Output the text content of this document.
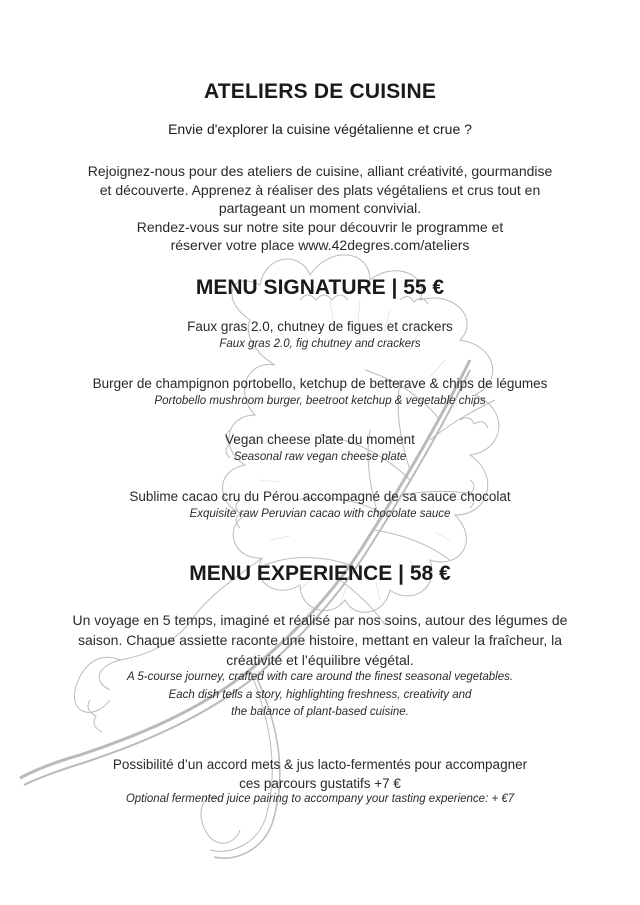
ATELIERS DE CUISINE
Envie d'explorer la cuisine végétalienne et crue ?
Rejoignez-nous pour des ateliers de cuisine, alliant créativité, gourmandise
et découverte. Apprenez à réaliser des plats végétaliens et crus tout en
partageant un moment convivial.
Rendez-vous sur notre site pour découvrir le programme et
réserver votre place www.42degres.com/ateliers
MENU SIGNATURE | 55 €
Faux gras 2.0, chutney de figues et crackers
Faux gras 2.0, fig chutney and crackers
Burger de champignon portobello, ketchup de betterave & chips de légumes
Portobello mushroom burger, beetroot ketchup & vegetable chips
Vegan cheese plate du moment
Seasonal raw vegan cheese plate
Sublime cacao cru du Pérou accompagné de sa sauce chocolat
Exquisite raw Peruvian cacao with chocolate sauce
MENU EXPERIENCE | 58 €
Un voyage en 5 temps, imaginé et réalisé par nos soins, autour des légumes de
saison. Chaque assiette raconte une histoire, mettant en valeur la fraîcheur, la
créativité et l’équilibre végétal.
A 5-course journey, crafted with care around the finest seasonal vegetables.
Each dish tells a story, highlighting freshness, creativity and
the balance of plant-based cuisine.
Possibilité d’un accord mets & jus lacto-fermentés pour accompagner
ces parcours gustatifs +7 €
Optional fermented juice pairing to accompany your tasting experience: + €7
